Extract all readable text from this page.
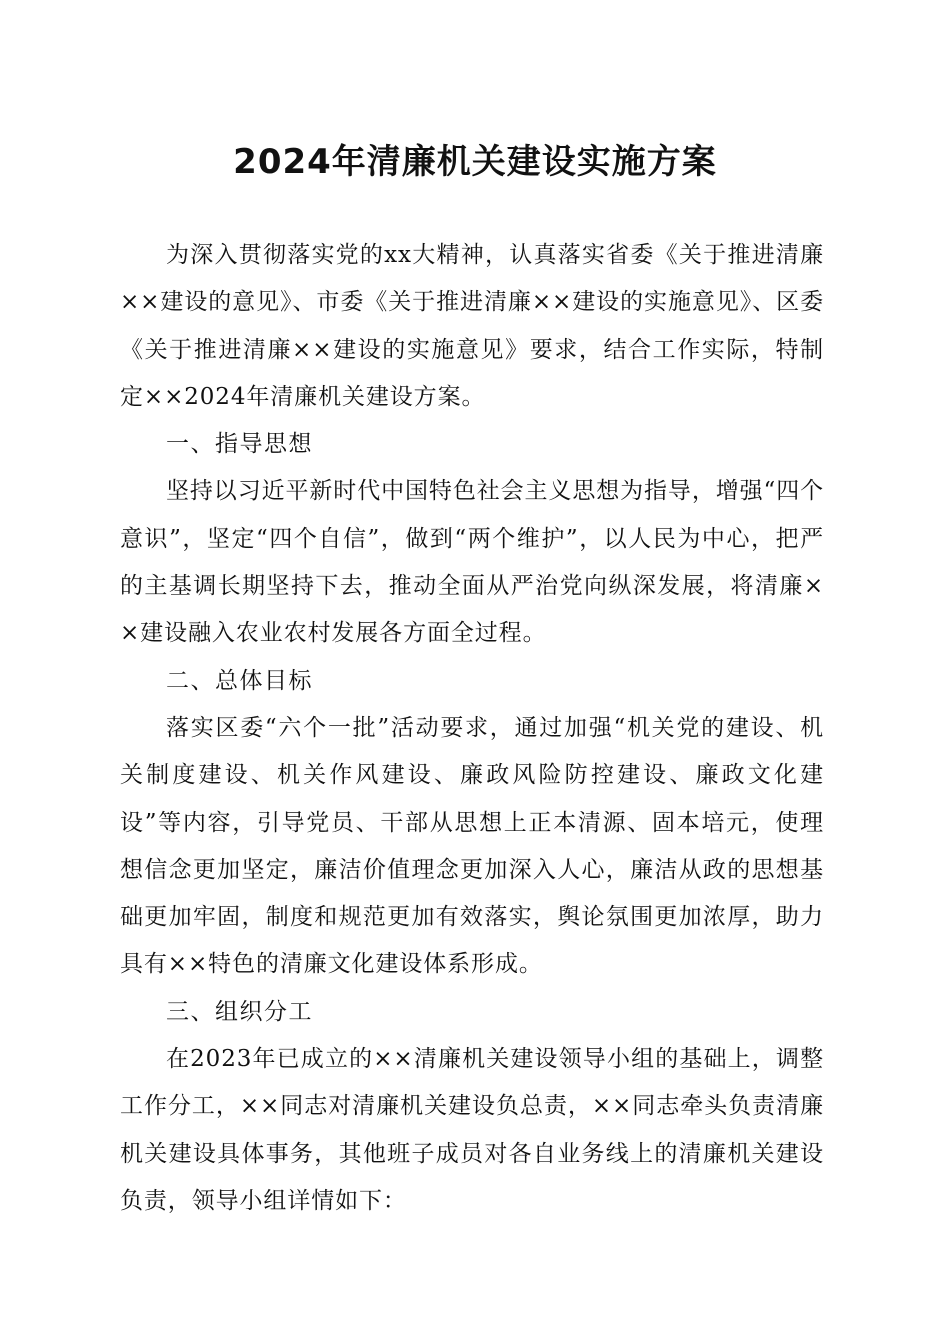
2024年清廉机关建设实施方案

为深入贯彻落实党的xx大精神，认真落实省委《关于推进清廉××建设的意见》、市委《关于推进清廉××建设的实施意见》、区委《关于推进清廉××建设的实施意见》要求，结合工作实际，特制定××2024年清廉机关建设方案。

一、指导思想

坚持以习近平新时代中国特色社会主义思想为指导，增强“四个意识”，坚定“四个自信”，做到“两个维护”，以人民为中心，把严的主基调长期坚持下去，推动全面从严治党向纵深发展，将清廉××建设融入农业农村发展各方面全过程。

二、总体目标

落实区委“六个一批”活动要求，通过加强“机关党的建设、机关制度建设、机关作风建设、廉政风险防控建设、廉政文化建设”等内容，引导党员、干部从思想上正本清源、固本培元，使理想信念更加坚定，廉洁价值理念更加深入人心，廉洁从政的思想基础更加牢固，制度和规范更加有效落实，舆论氛围更加浓厚，助力具有××特色的清廉文化建设体系形成。

三、组织分工

在2023年已成立的××清廉机关建设领导小组的基础上，调整工作分工，××同志对清廉机关建设负总责，××同志牵头负责清廉机关建设具体事务，其他班子成员对各自业务线上的清廉机关建设负责，领导小组详情如下：
